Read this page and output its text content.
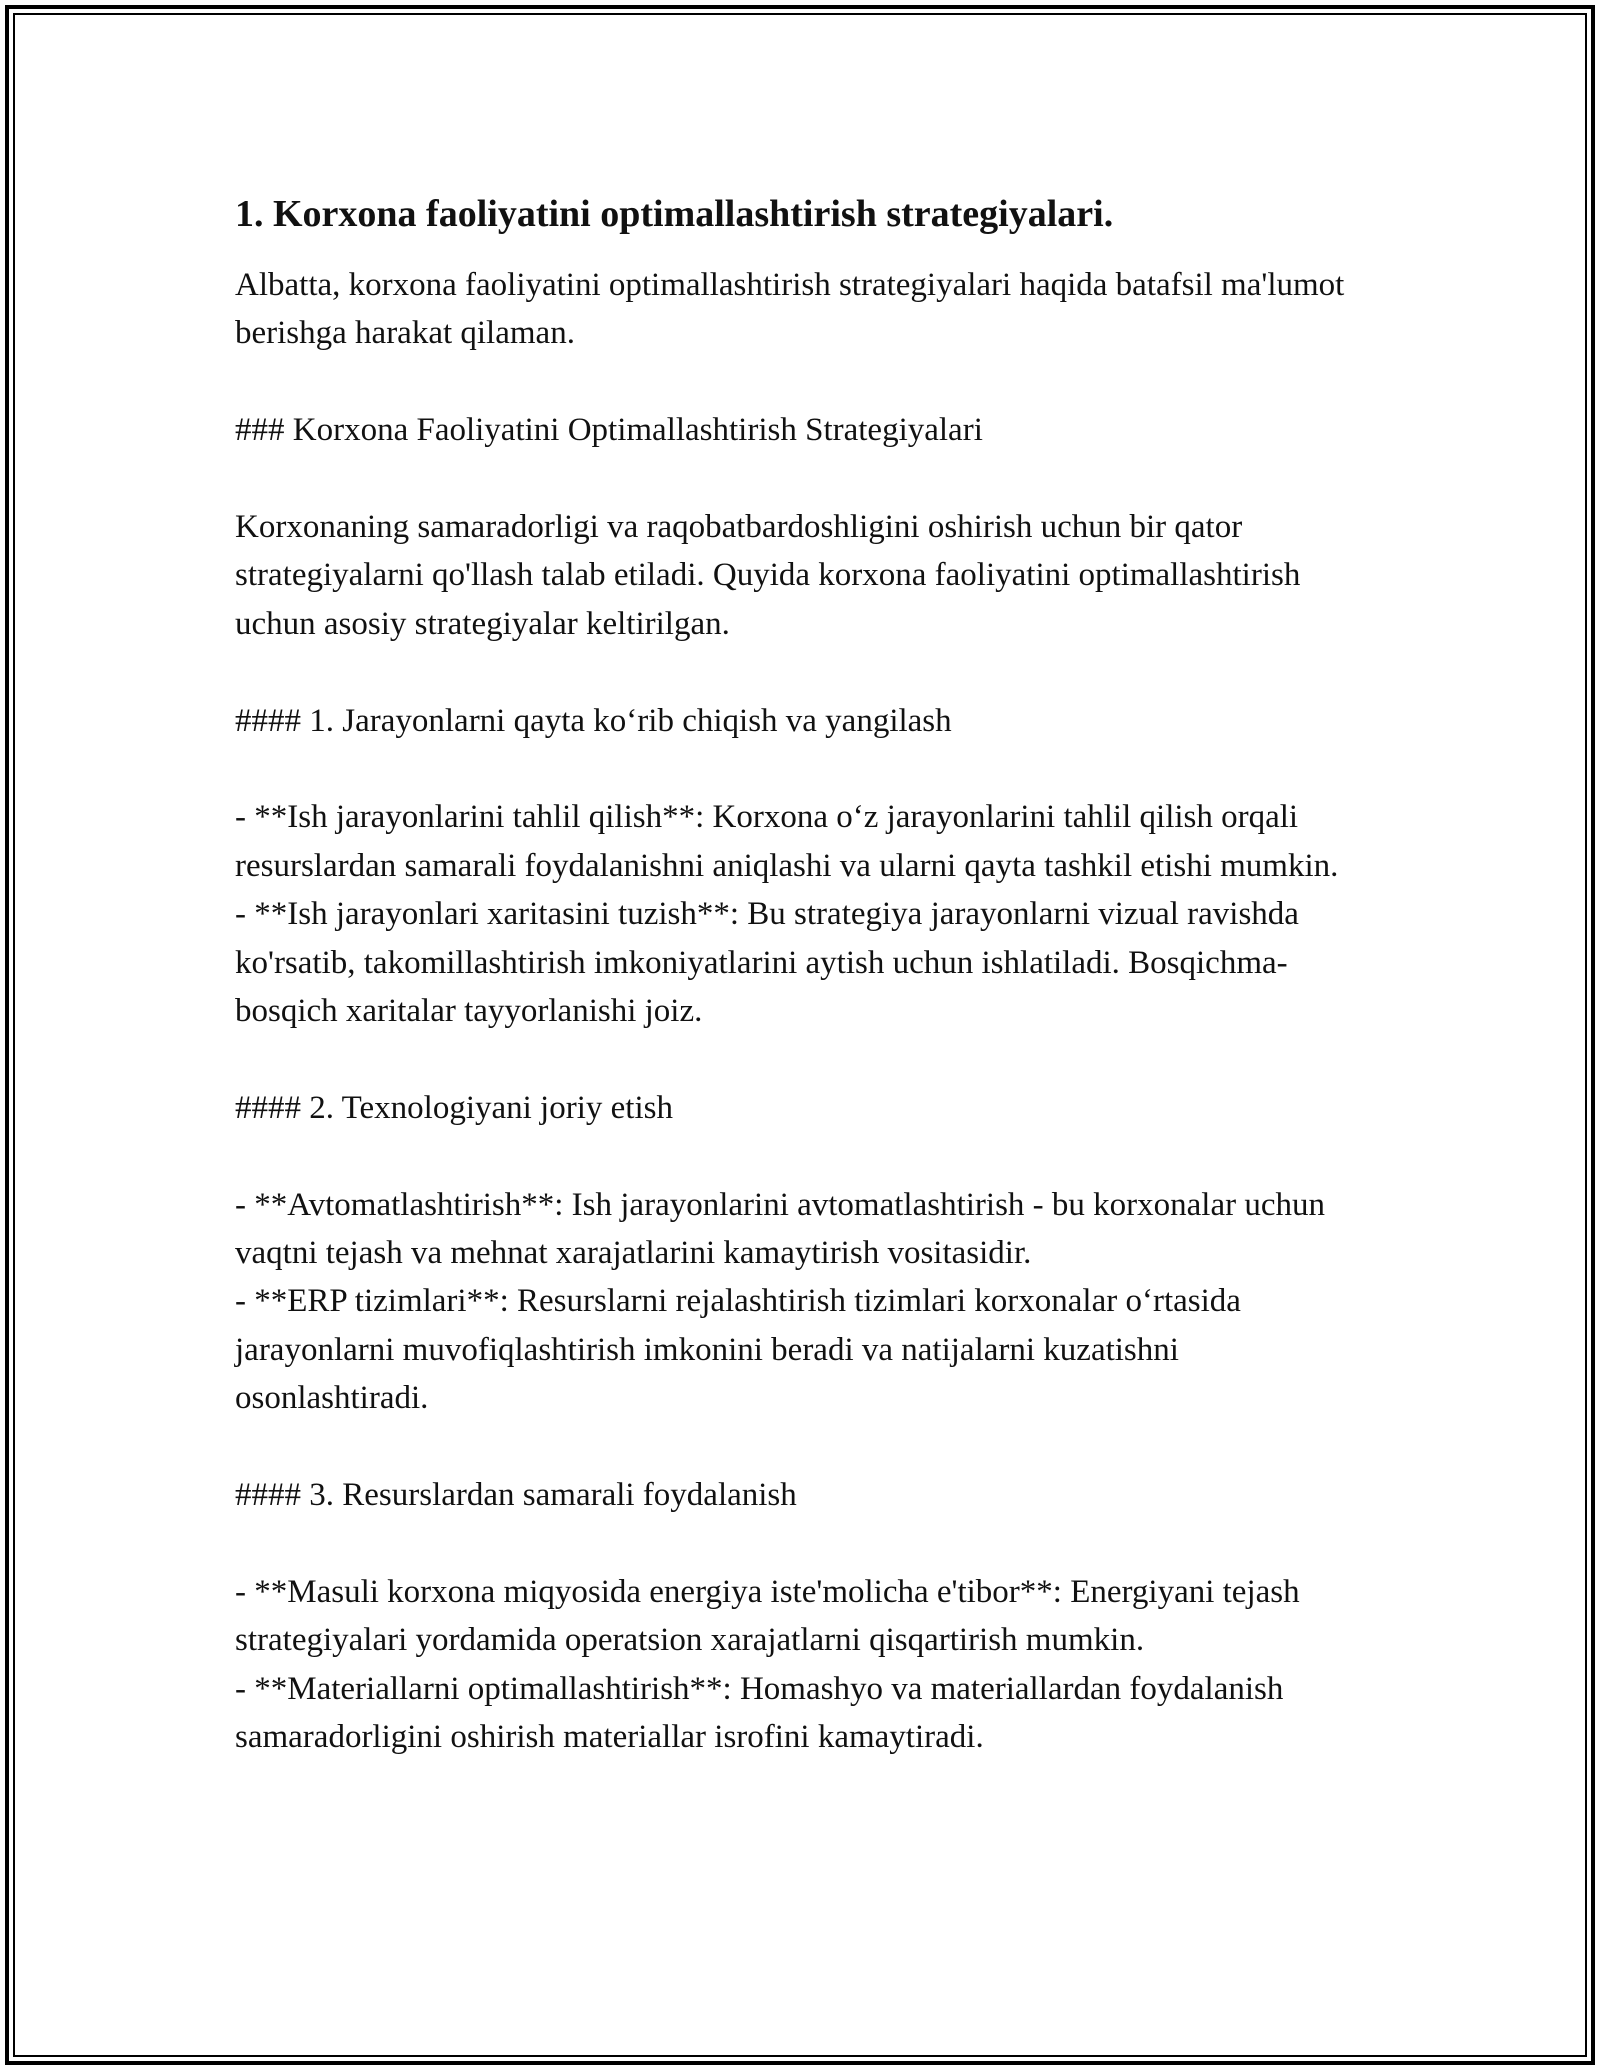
1. Korxona faoliyatini optimallashtirish strategiyalari.

Albatta, korxona faoliyatini optimallashtirish strategiyalari haqida batafsil ma'lumot berishga harakat qilaman.

### Korxona Faoliyatini Optimallashtirish Strategiyalari

Korxonaning samaradorligi va raqobatbardoshligini oshirish uchun bir qator strategiyalarni qo'llash talab etiladi. Quyida korxona faoliyatini optimallashtirish uchun asosiy strategiyalar keltirilgan.

#### 1. Jarayonlarni qayta ko‘rib chiqish va yangilash

- **Ish jarayonlarini tahlil qilish**: Korxona o‘z jarayonlarini tahlil qilish orqali resurslardan samarali foydalanishni aniqlashi va ularni qayta tashkil etishi mumkin.

- **Ish jarayonlari xaritasini tuzish**: Bu strategiya jarayonlarni vizual ravishda ko'rsatib, takomillashtirish imkoniyatlarini aytish uchun ishlatiladi. Bosqichma-bosqich xaritalar tayyorlanishi joiz.

#### 2. Texnologiyani joriy etish

- **Avtomatlashtirish**: Ish jarayonlarini avtomatlashtirish - bu korxonalar uchun vaqtni tejash va mehnat xarajatlarini kamaytirish vositasidir.

- **ERP tizimlari**: Resurslarni rejalashtirish tizimlari korxonalar o‘rtasida jarayonlarni muvofiqlashtirish imkonini beradi va natijalarni kuzatishni osonlashtiradi.

#### 3. Resurslardan samarali foydalanish

- **Masuli korxona miqyosida energiya iste'molicha e'tibor**: Energiyani tejash strategiyalari yordamida operatsion xarajatlarni qisqartirish mumkin.

- **Materiallarni optimallashtirish**: Homashyo va materiallardan foydalanish samaradorligini oshirish materiallar isrofini kamaytiradi.
